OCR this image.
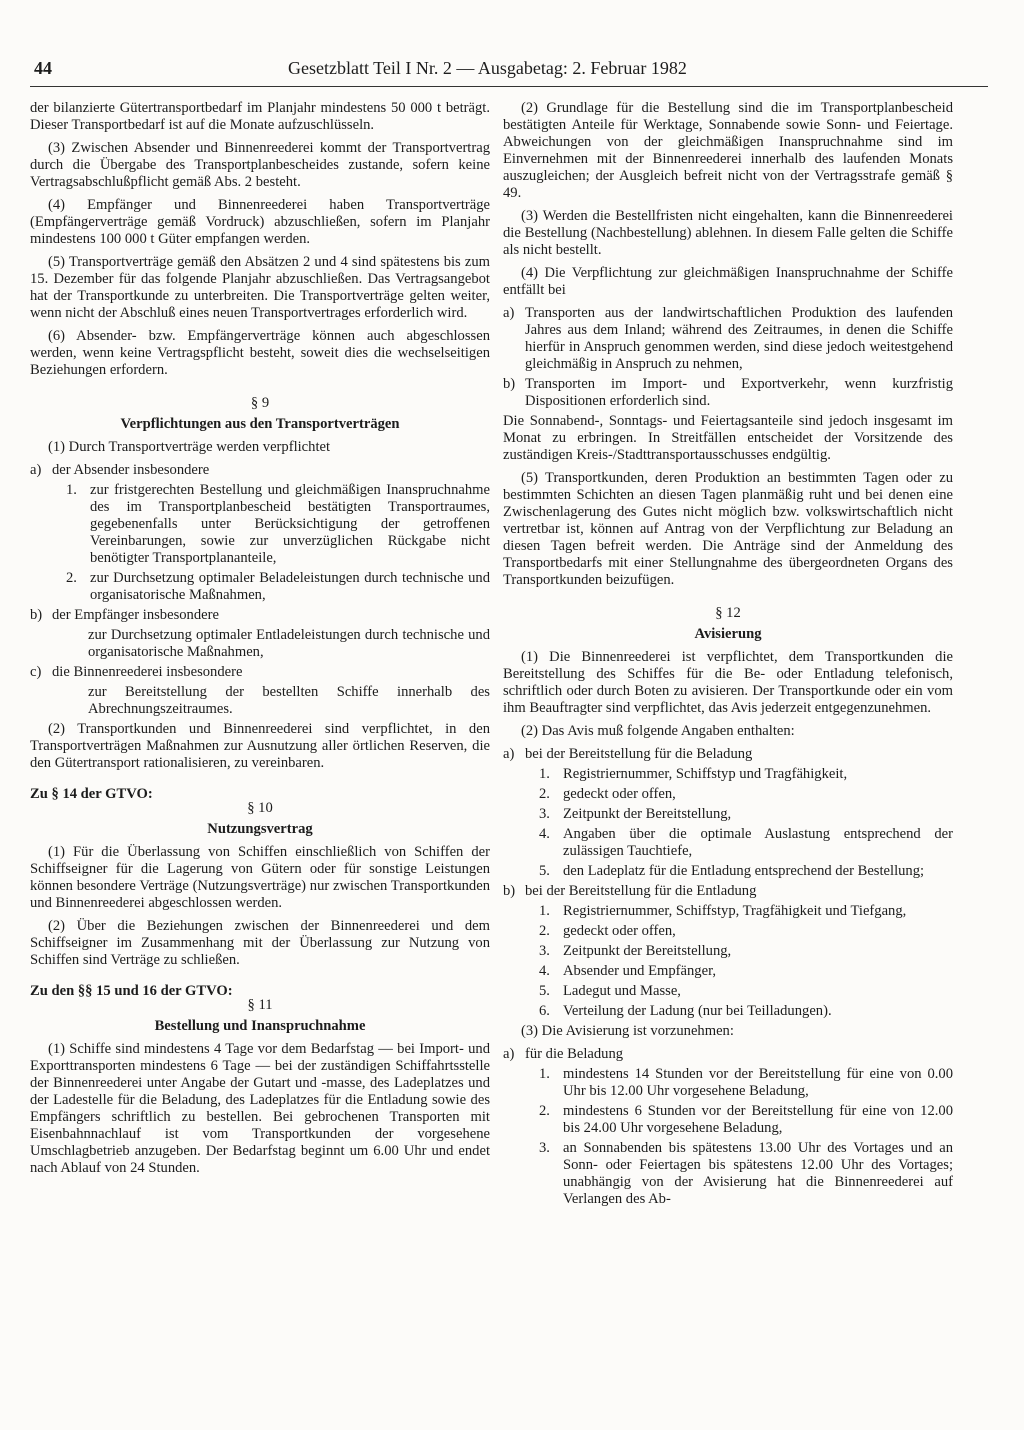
44	Gesetzblatt Teil I Nr. 2 — Ausgabetag: 2. Februar 1982

der bilanzierte Gütertransportbedarf im Planjahr mindestens 50 000 t beträgt. Dieser Transportbedarf ist auf die Monate aufzuschlüsseln.

(3) Zwischen Absender und Binnenreederei kommt der Transportvertrag durch die Übergabe des Transportplanbescheides zustande, sofern keine Vertragsabschlußpflicht gemäß Abs. 2 besteht.

(4) Empfänger und Binnenreederei haben Transportverträge (Empfängerverträge gemäß Vordruck) abzuschließen, sofern im Planjahr mindestens 100 000 t Güter empfangen werden.

(5) Transportverträge gemäß den Absätzen 2 und 4 sind spätestens bis zum 15. Dezember für das folgende Planjahr abzuschließen. Das Vertragsangebot hat der Transportkunde zu unterbreiten. Die Transportverträge gelten weiter, wenn nicht der Abschluß eines neuen Transportvertrages erforderlich wird.

(6) Absender- bzw. Empfängerverträge können auch abgeschlossen werden, wenn keine Vertragspflicht besteht, soweit dies die wechselseitigen Beziehungen erfordern.

§ 9
Verpflichtungen aus den Transportverträgen

(1) Durch Transportverträge werden verpflichtet

a) der Absender insbesondere
1. zur fristgerechten Bestellung und gleichmäßigen Inanspruchnahme des im Transportplanbescheid bestätigten Transportraumes, gegebenenfalls unter Berücksichtigung der getroffenen Vereinbarungen, sowie zur unverzüglichen Rückgabe nicht benötigter Transportplananteile,
2. zur Durchsetzung optimaler Beladeleistungen durch technische und organisatorische Maßnahmen,
b) der Empfänger insbesondere
zur Durchsetzung optimaler Entladeleistungen durch technische und organisatorische Maßnahmen,
c) die Binnenreederei insbesondere
zur Bereitstellung der bestellten Schiffe innerhalb des Abrechnungszeitraumes.

(2) Transportkunden und Binnenreederei sind verpflichtet, in den Transportverträgen Maßnahmen zur Ausnutzung aller örtlichen Reserven, die den Gütertransport rationalisieren, zu vereinbaren.

Zu § 14 der GTVO:
§ 10
Nutzungsvertrag

(1) Für die Überlassung von Schiffen einschließlich von Schiffen der Schiffseigner für die Lagerung von Gütern oder für sonstige Leistungen können besondere Verträge (Nutzungsverträge) nur zwischen Transportkunden und Binnenreederei abgeschlossen werden.

(2) Über die Beziehungen zwischen der Binnenreederei und dem Schiffseigner im Zusammenhang mit der Überlassung zur Nutzung von Schiffen sind Verträge zu schließen.

Zu den §§ 15 und 16 der GTVO:
§ 11
Bestellung und Inanspruchnahme

(1) Schiffe sind mindestens 4 Tage vor dem Bedarfstag — bei Import- und Exporttransporten mindestens 6 Tage — bei der zuständigen Schiffahrtsstelle der Binnenreederei unter Angabe der Gutart und -masse, des Ladeplatzes und der Ladestelle für die Beladung, des Ladeplatzes für die Entladung sowie des Empfängers schriftlich zu bestellen. Bei gebrochenen Transporten mit Eisenbahnnachlauf ist vom Transportkunden der vorgesehene Umschlagbetrieb anzugeben. Der Bedarfstag beginnt um 6.00 Uhr und endet nach Ablauf von 24 Stunden.

(2) Grundlage für die Bestellung sind die im Transportplanbescheid bestätigten Anteile für Werktage, Sonnabende sowie Sonn- und Feiertage. Abweichungen von der gleichmäßigen Inanspruchnahme sind im Einvernehmen mit der Binnenreederei innerhalb des laufenden Monats auszugleichen; der Ausgleich befreit nicht von der Vertragsstrafe gemäß § 49.

(3) Werden die Bestellfristen nicht eingehalten, kann die Binnenreederei die Bestellung (Nachbestellung) ablehnen. In diesem Falle gelten die Schiffe als nicht bestellt.

(4) Die Verpflichtung zur gleichmäßigen Inanspruchnahme der Schiffe entfällt bei

a) Transporten aus der landwirtschaftlichen Produktion des laufenden Jahres aus dem Inland; während des Zeitraumes, in denen die Schiffe hierfür in Anspruch genommen werden, sind diese jedoch weitestgehend gleichmäßig in Anspruch zu nehmen,
b) Transporten im Import- und Exportverkehr, wenn kurzfristig Dispositionen erforderlich sind.

Die Sonnabend-, Sonntags- und Feiertagsanteile sind jedoch insgesamt im Monat zu erbringen. In Streitfällen entscheidet der Vorsitzende des zuständigen Kreis-/Stadttransportausschusses endgültig.

(5) Transportkunden, deren Produktion an bestimmten Tagen oder zu bestimmten Schichten an diesen Tagen planmäßig ruht und bei denen eine Zwischenlagerung des Gutes nicht möglich bzw. volkswirtschaftlich nicht vertretbar ist, können auf Antrag von der Verpflichtung zur Beladung an diesen Tagen befreit werden. Die Anträge sind der Anmeldung des Transportbedarfs mit einer Stellungnahme des übergeordneten Organs des Transportkunden beizufügen.

§ 12
Avisierung

(1) Die Binnenreederei ist verpflichtet, dem Transportkunden die Bereitstellung des Schiffes für die Be- oder Entladung telefonisch, schriftlich oder durch Boten zu avisieren. Der Transportkunde oder ein vom ihm Beauftragter sind verpflichtet, das Avis jederzeit entgegenzunehmen.

(2) Das Avis muß folgende Angaben enthalten:

a) bei der Bereitstellung für die Beladung
1. Registriernummer, Schiffstyp und Tragfähigkeit,
2. gedeckt oder offen,
3. Zeitpunkt der Bereitstellung,
4. Angaben über die optimale Auslastung entsprechend der zulässigen Tauchtiefe,
5. den Ladeplatz für die Entladung entsprechend der Bestellung;
b) bei der Bereitstellung für die Entladung
1. Registriernummer, Schiffstyp, Tragfähigkeit und Tiefgang,
2. gedeckt oder offen,
3. Zeitpunkt der Bereitstellung,
4. Absender und Empfänger,
5. Ladegut und Masse,
6. Verteilung der Ladung (nur bei Teilladungen).

(3) Die Avisierung ist vorzunehmen:

a) für die Beladung
1. mindestens 14 Stunden vor der Bereitstellung für eine von 0.00 Uhr bis 12.00 Uhr vorgesehene Beladung,
2. mindestens 6 Stunden vor der Bereitstellung für eine von 12.00 bis 24.00 Uhr vorgesehene Beladung,
3. an Sonnabenden bis spätestens 13.00 Uhr des Vortages und an Sonn- oder Feiertagen bis spätestens 12.00 Uhr des Vortages; unabhängig von der Avisierung hat die Binnenreederei auf Verlangen des Ab-
